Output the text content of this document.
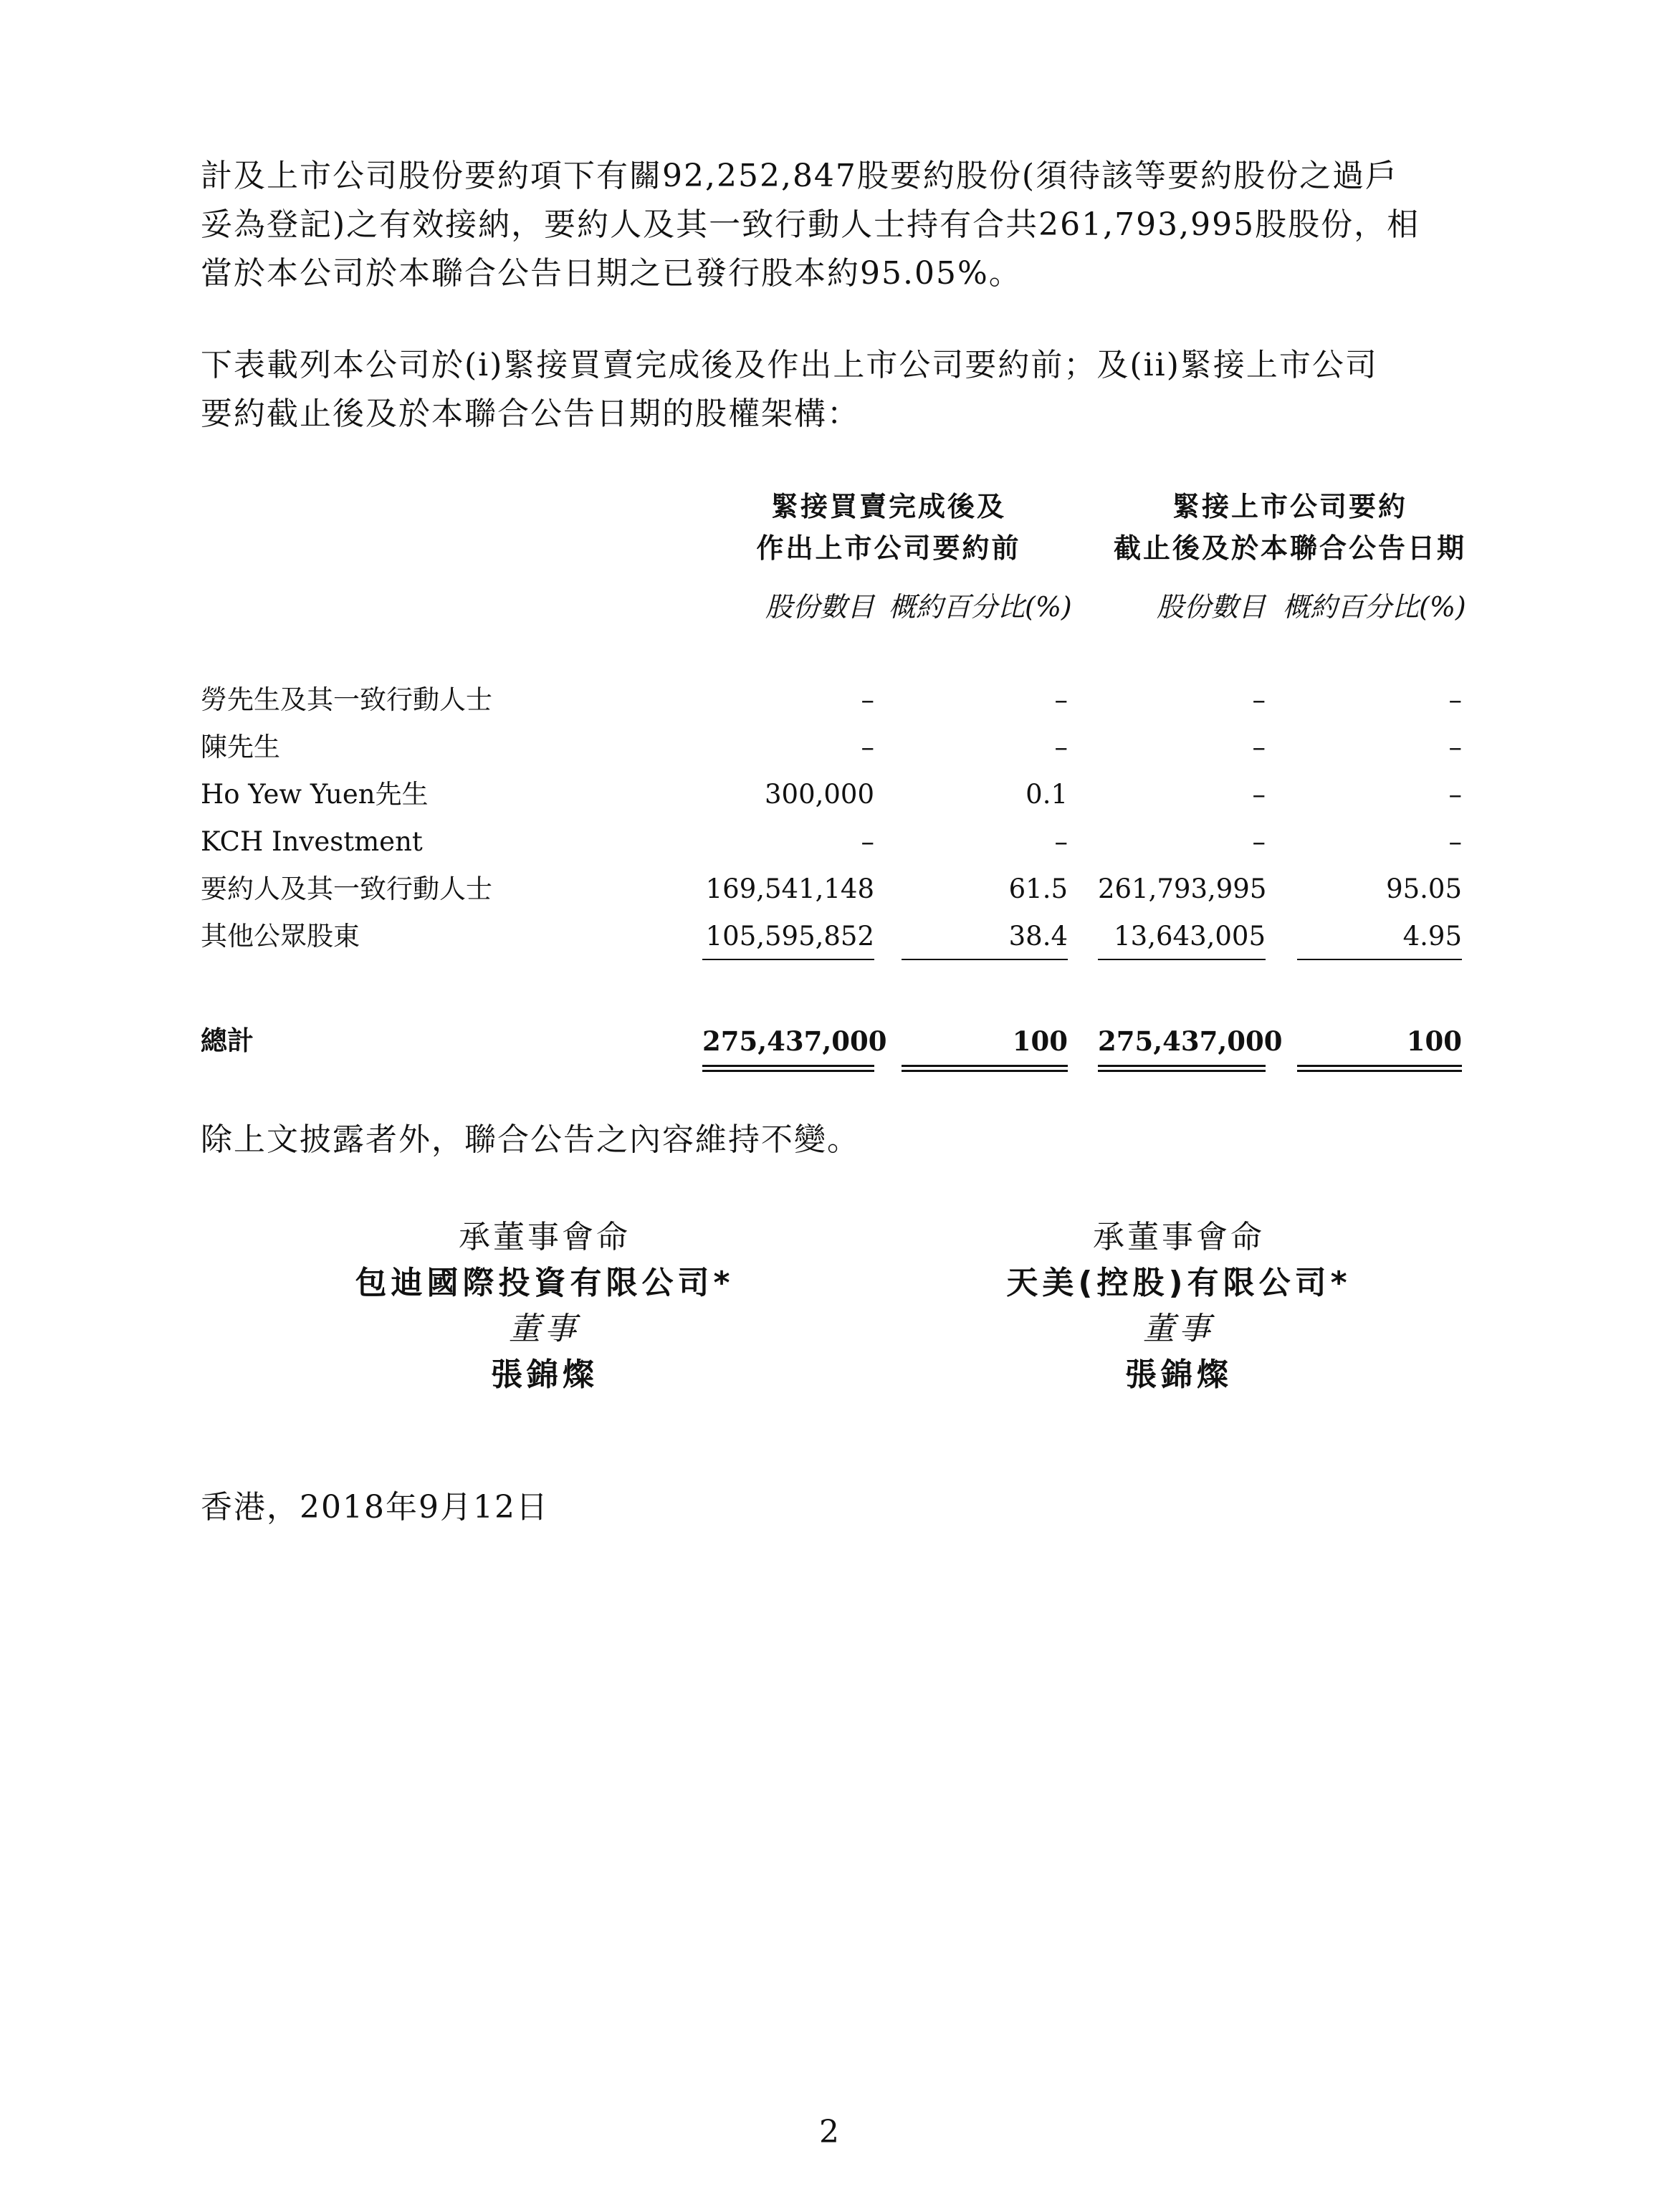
計及上市公司股份要約項下有關92,252,847股要約股份(須待該等要約股份之過戶
妥為登記)之有效接納，要約人及其一致行動人士持有合共261,793,995股股份，相
當於本公司於本聯合公告日期之已發行股本約95.05%。

下表載列本公司於(i)緊接買賣完成後及作出上市公司要約前；及(ii)緊接上市公司
要約截止後及於本聯合公告日期的股權架構：

緊接買賣完成後及
作出上市公司要約前
緊接上市公司要約
截止後及於本聯合公告日期
股份數目 概約百分比(%)	股份數目 概約百分比(%)
勞先生及其一致行動人士	–	–	–	–
陳先生	–	–	–	–
Ho Yew Yuen先生	300,000	0.1	–	–
KCH Investment	–	–	–	–
要約人及其一致行動人士	169,541,148	61.5 261,793,995	95.05
其他公眾股東	105,595,852	38.4	13,643,005	4.95
總計	275,437,000	100 275,437,000	100

除上文披露者外，聯合公告之內容維持不變。

承董事會命
包迪國際投資有限公司*
董事
張錦燦
承董事會命
天美(控股)有限公司*
董事
張錦燦

香港，2018年9月12日

2
